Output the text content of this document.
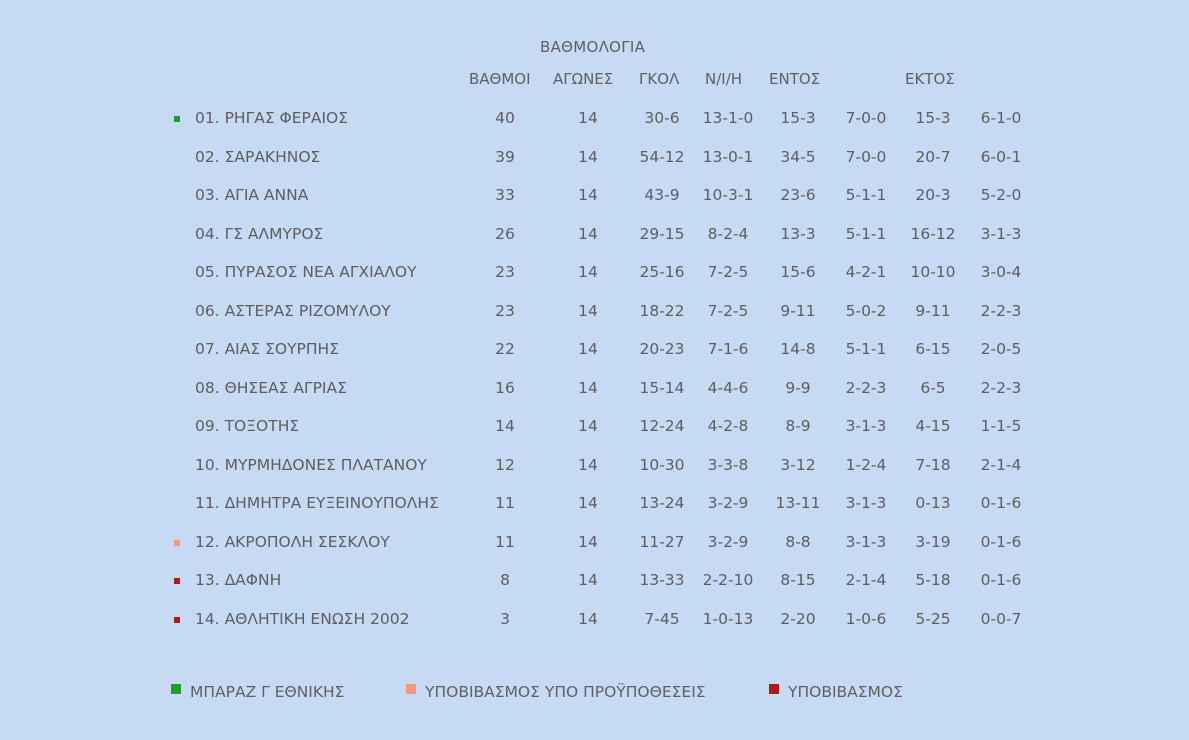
ΒΑΘΜΟΛΟΓΙΑ
ΒΑΘΜΟΙ ΑΓΩΝΕΣ ΓΚΟΛ Ν/Ι/Η ΕΝΤΟΣ	ΕΚΤΟΣ
01. ΡΗΓΑΣ ΦΕΡΑΙΟΣ	40	14	30-6	13-1-0	15-3	7-0-0	15-3	6-1-0
02. ΣΑΡΑΚΗΝΟΣ	39	14	54-12	13-0-1	34-5	7-0-0	20-7	6-0-1
03. ΑΓΙΑ ΑΝΝΑ	33	14	43-9	10-3-1	23-6	5-1-1	20-3	5-2-0
04. ΓΣ ΑΛΜΥΡΟΣ	26	14	29-15	8-2-4	13-3	5-1-1	16-12	3-1-3
05. ΠΥΡΑΣΟΣ ΝΕΑ ΑΓΧΙΑΛΟΥ	23	14	25-16	7-2-5	15-6	4-2-1	10-10	3-0-4
06. ΑΣΤΕΡΑΣ ΡΙΖΟΜΥΛΟΥ	23	14	18-22	7-2-5	9-11	5-0-2	9-11	2-2-3
07. ΑΙΑΣ ΣΟΥΡΠΗΣ	22	14	20-23	7-1-6	14-8	5-1-1	6-15	2-0-5
08. ΘΗΣΕΑΣ ΑΓΡΙΑΣ	16	14	15-14	4-4-6	9-9	2-2-3	6-5	2-2-3
09. ΤΟΞΟΤΗΣ	14	14	12-24	4-2-8	8-9	3-1-3	4-15	1-1-5
10. ΜΥΡΜΗΔΟΝΕΣ ΠΛΑΤΑΝΟΥ	12	14	10-30	3-3-8	3-12	1-2-4	7-18	2-1-4
11. ΔΗΜΗΤΡΑ ΕΥΞΕΙΝΟΥΠΟΛΗΣ	11	14	13-24	3-2-9	13-11	3-1-3	0-13	0-1-6
12. ΑΚΡΟΠΟΛΗ ΣΕΣΚΛΟΥ	11	14	11-27	3-2-9	8-8	3-1-3	3-19	0-1-6
13. ΔΑΦΝΗ	8	14	13-33	2-2-10	8-15	2-1-4	5-18	0-1-6
14. ΑΘΛΗΤΙΚΗ ΕΝΩΣΗ 2002	3	14	7-45	1-0-13	2-20	1-0-6	5-25	0-0-7
ΜΠΑΡΑΖ Γ ΕΘΝΙΚΗΣ	ΥΠΟΒΙΒΑΣΜΟΣ ΥΠΟ ΠΡΟΫΠΟΘΕΣΕΙΣ	ΥΠΟΒΙΒΑΣΜΟΣ
